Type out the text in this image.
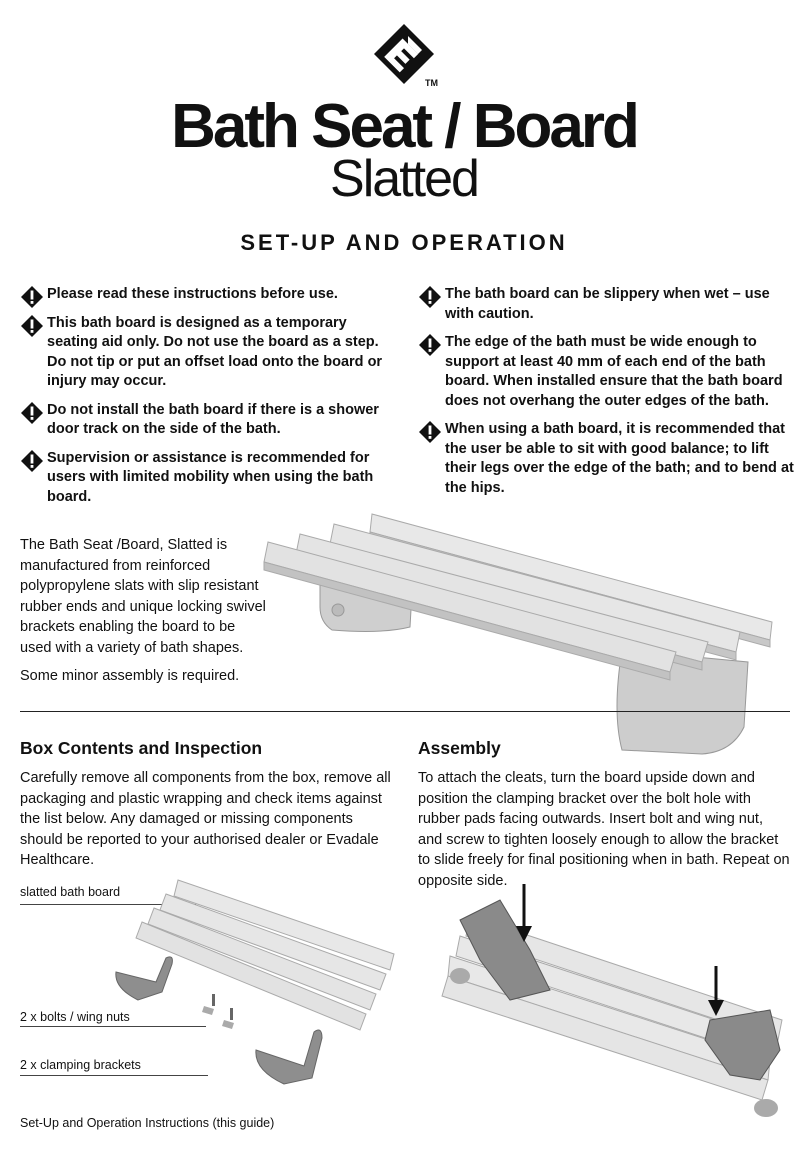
TM
Bath Seat / Board
Slatted
SET-UP AND OPERATION
Please read these instructions before use.
This bath board is designed as a temporary seating aid only. Do not use the board as a step. Do not tip or put an offset load onto the board or injury may occur.
Do not install the bath board if there is a shower door track on the side of the bath.
Supervision or assistance is recommended for users with limited mobility when using the bath board.
The bath board can be slippery when wet – use with caution.
The edge of the bath must be wide enough to support at least 40 mm of each end of the bath board. When installed ensure that the bath board does not overhang the outer edges of the bath.
When using a bath board, it is recommended that the user be able to sit with good balance; to lift their legs over the edge of the bath; and to bend at the hips.

The Bath Seat /Board, Slatted is manufactured from reinforced polypropylene slats with slip resistant rubber ends and unique locking swivel brackets enabling the board to be used with a variety of bath shapes.

Some minor assembly is required.

Box Contents and Inspection	Assembly
Carefully remove all components from the box, remove all packaging and plastic wrapping and check items against the list below. Any damaged or missing components should be reported to your authorised dealer or Evadale Healthcare.
To attach the cleats, turn the board upside down and position the clamping bracket over the bolt hole with rubber pads facing outwards. Insert bolt and wing nut, and screw to tighten loosely enough to allow the bracket to slide freely for final positioning when in bath. Repeat on opposite side.
slatted bath board
2 x bolts / wing nuts
2 x clamping brackets
Set-Up and Operation Instructions (this guide)
